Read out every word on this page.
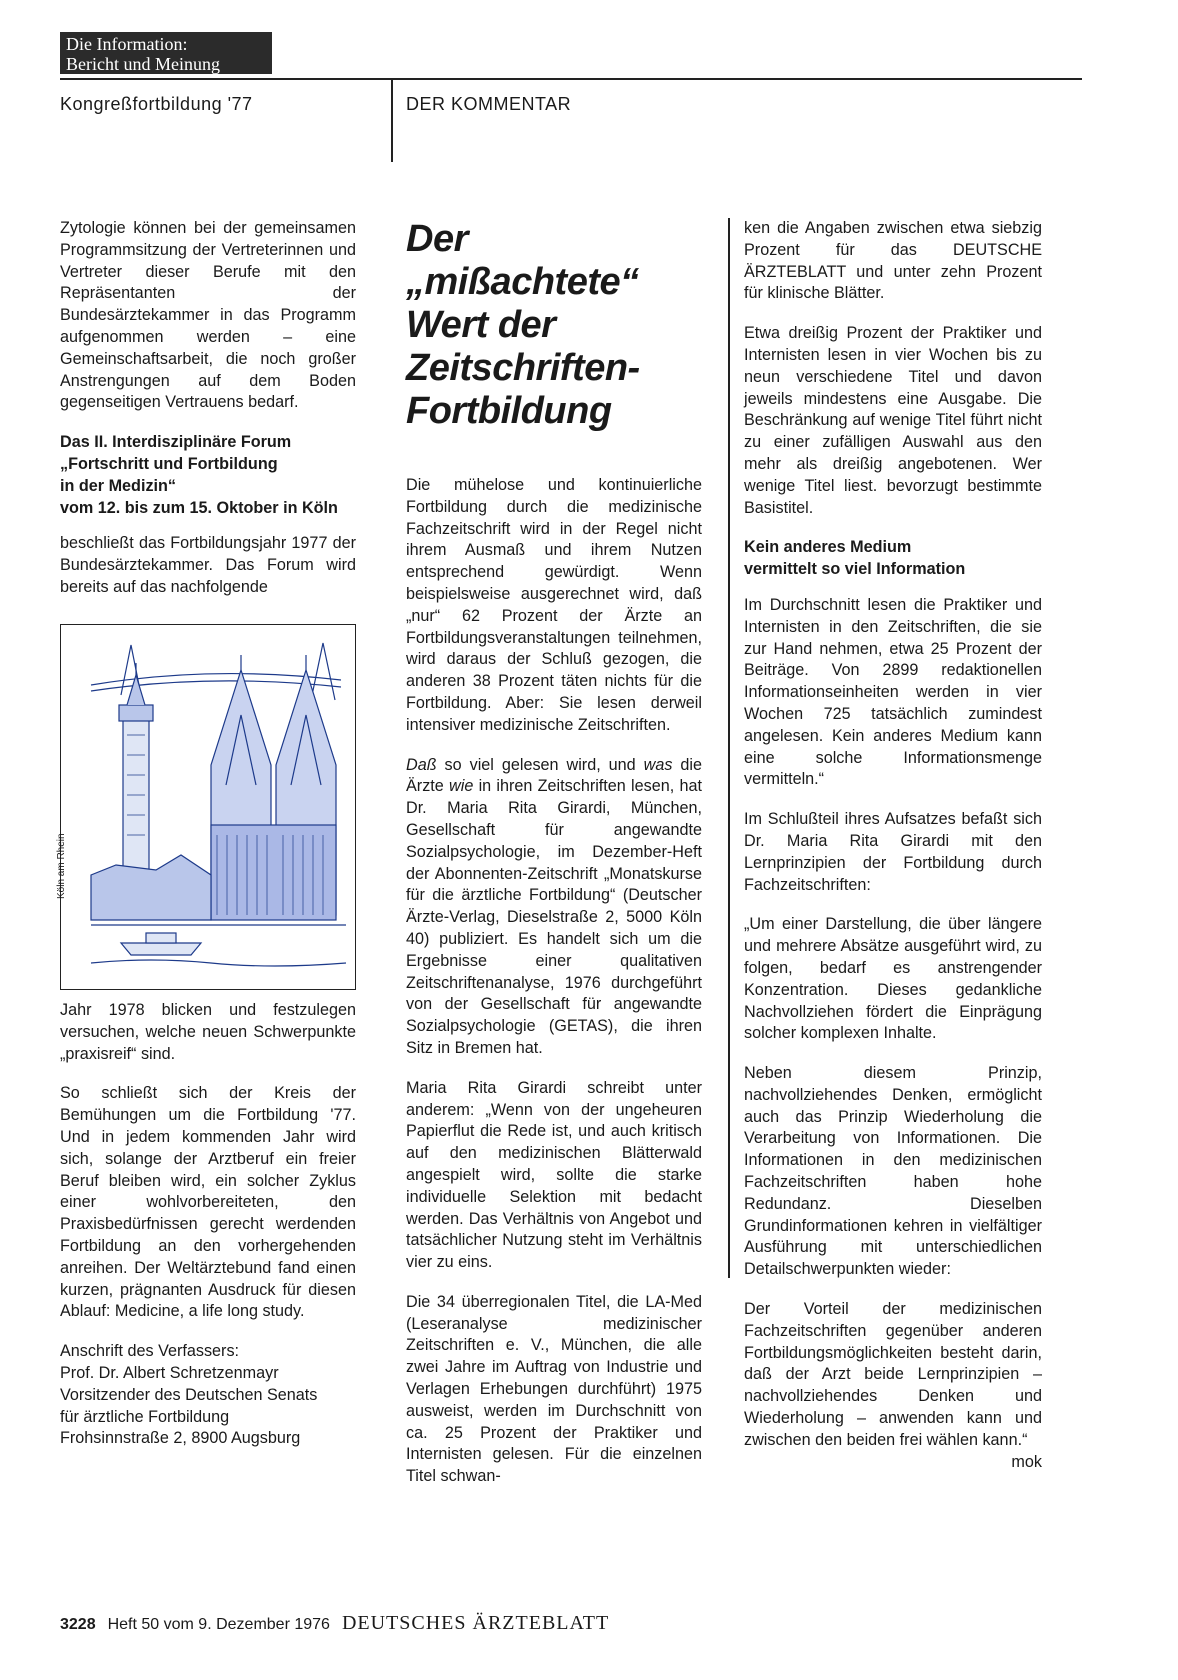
Die Information:
Bericht und Meinung
Kongreßfortbildung '77	DER KOMMENTAR

Zytologie können bei der gemeinsamen Programmsitzung der Vertreterinnen und Vertreter dieser Berufe mit den Repräsentanten der Bundesärztekammer in das Programm aufgenommen werden – eine Gemeinschaftsarbeit, die noch großer Anstrengungen auf dem Boden gegenseitigen Vertrauens bedarf.

Das II. Interdisziplinäre Forum
„Fortschritt und Fortbildung
in der Medizin“
vom 12. bis zum 15. Oktober in Köln

beschließt das Fortbildungsjahr 1977 der Bundesärztekammer. Das Forum wird bereits auf das nachfolgende

Köln am Rhein

Jahr 1978 blicken und festzulegen versuchen, welche neuen Schwerpunkte „praxisreif“ sind.

So schließt sich der Kreis der Bemühungen um die Fortbildung '77. Und in jedem kommenden Jahr wird sich, solange der Arztberuf ein freier Beruf bleiben wird, ein solcher Zyklus einer wohlvorbereiteten, den Praxisbedürfnissen gerecht werdenden Fortbildung an den vorhergehenden anreihen. Der Weltärztebund fand einen kurzen, prägnanten Ausdruck für diesen Ablauf: Medicine, a life long study.

Anschrift des Verfassers:
Prof. Dr. Albert Schretzenmayr
Vorsitzender des Deutschen Senats
für ärztliche Fortbildung
Frohsinnstraße 2, 8900 Augsburg
Der
„mißachtete“
Wert der
Zeitschriften-
Fortbildung

Die mühelose und kontinuierliche Fortbildung durch die medizinische Fachzeitschrift wird in der Regel nicht ihrem Ausmaß und ihrem Nutzen entsprechend gewürdigt. Wenn beispielsweise ausgerechnet wird, daß „nur“ 62 Prozent der Ärzte an Fortbildungsveranstaltungen teilnehmen, wird daraus der Schluß gezogen, die anderen 38 Prozent täten nichts für die Fortbildung. Aber: Sie lesen derweil intensiver medizinische Zeitschriften.

Daß so viel gelesen wird, und was die Ärzte wie in ihren Zeitschriften lesen, hat Dr. Maria Rita Girardi, München, Gesellschaft für angewandte Sozialpsychologie, im Dezember-Heft der Abonnenten-Zeitschrift „Monatskurse für die ärztliche Fortbildung“ (Deutscher Ärzte-Verlag, Dieselstraße 2, 5000 Köln 40) publiziert. Es handelt sich um die Ergebnisse einer qualitativen Zeitschriftenanalyse, 1976 durchgeführt von der Gesellschaft für angewandte Sozialpsychologie (GETAS), die ihren Sitz in Bremen hat.

Maria Rita Girardi schreibt unter anderem: „Wenn von der ungeheuren Papierflut die Rede ist, und auch kritisch auf den medizinischen Blätterwald angespielt wird, sollte die starke individuelle Selektion mit bedacht werden. Das Verhältnis von Angebot und tatsächlicher Nutzung steht im Verhältnis vier zu eins.

Die 34 überregionalen Titel, die LA-Med (Leseranalyse medizinischer Zeitschriften e. V., München, die alle zwei Jahre im Auftrag von Industrie und Verlagen Erhebungen durchführt) 1975 ausweist, werden im Durchschnitt von ca. 25 Prozent der Praktiker und Internisten gelesen. Für die einzelnen Titel schwan-

ken die Angaben zwischen etwa siebzig Prozent für das DEUTSCHE ÄRZTEBLATT und unter zehn Prozent für klinische Blätter.

Etwa dreißig Prozent der Praktiker und Internisten lesen in vier Wochen bis zu neun verschiedene Titel und davon jeweils mindestens eine Ausgabe. Die Beschränkung auf wenige Titel führt nicht zu einer zufälligen Auswahl aus den mehr als dreißig angebotenen. Wer wenige Titel liest. bevorzugt bestimmte Basistitel.

Kein anderes Medium
vermittelt so viel Information

Im Durchschnitt lesen die Praktiker und Internisten in den Zeitschriften, die sie zur Hand nehmen, etwa 25 Prozent der Beiträge. Von 2899 redaktionellen Informationseinheiten werden in vier Wochen 725 tatsächlich zumindest angelesen. Kein anderes Medium kann eine solche Informationsmenge vermitteln.“

Im Schlußteil ihres Aufsatzes befaßt sich Dr. Maria Rita Girardi mit den Lernprinzipien der Fortbildung durch Fachzeitschriften:

„Um einer Darstellung, die über längere und mehrere Absätze ausgeführt wird, zu folgen, bedarf es anstrengender Konzentration. Dieses gedankliche Nachvollziehen fördert die Einprägung solcher komplexen Inhalte.

Neben diesem Prinzip, nachvollziehendes Denken, ermöglicht auch das Prinzip Wiederholung die Verarbeitung von Informationen. Die Informationen in den medizinischen Fachzeitschriften haben hohe Redundanz. Dieselben Grundinformationen kehren in vielfältiger Ausführung mit unterschiedlichen Detailschwerpunkten wieder:

Der Vorteil der medizinischen Fachzeitschriften gegenüber anderen Fortbildungsmöglichkeiten besteht darin, daß der Arzt beide Lernprinzipien – nachvollziehendes Denken und Wiederholung – anwenden kann und zwischen den beiden frei wählen kann.“

mok
3228 Heft 50 vom 9. Dezember 1976 DEUTSCHES ÄRZTEBLATT
